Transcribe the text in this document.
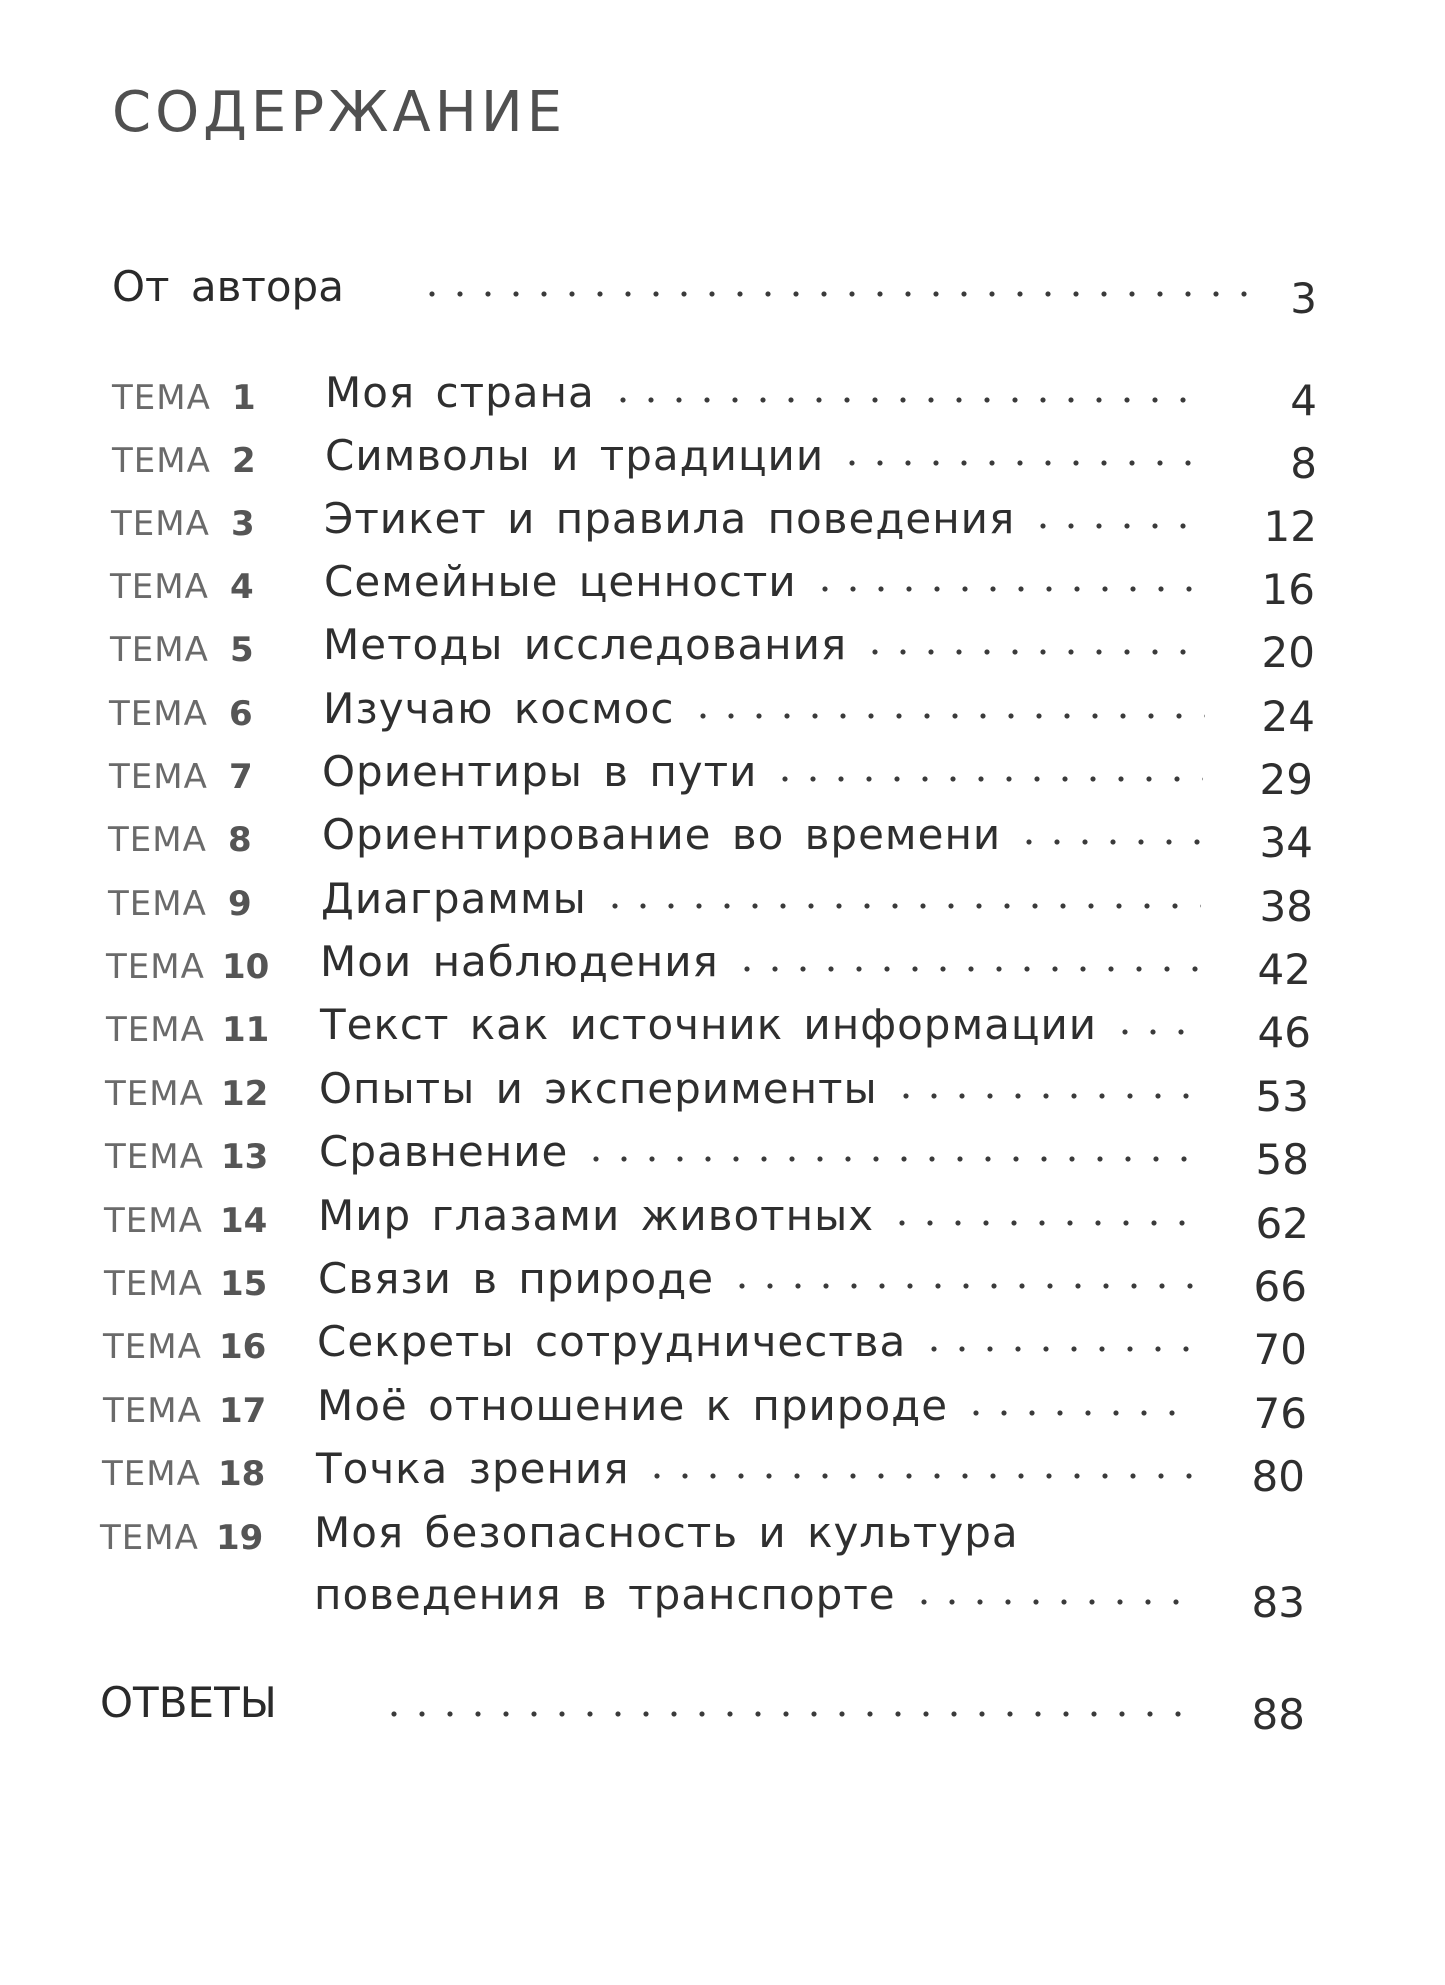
СОДЕРЖАНИЕ
От автора	3
ТЕМА 1 Моя страна	4
ТЕМА 2 Символы и традиции	8
ТЕМА 3 Этикет и правила поведения	12
ТЕМА 4 Семейные ценности	16
ТЕМА 5 Методы исследования	20
ТЕМА 6 Изучаю космос	24
ТЕМА 7 Ориентиры в пути	29
ТЕМА 8 Ориентирование во времени	34
ТЕМА 9 Диаграммы	38
ТЕМА 10 Мои наблюдения	42
ТЕМА 11 Текст как источник информации	46
ТЕМА 12 Опыты и эксперименты	53
ТЕМА 13 Сравнение	58
ТЕМА 14 Мир глазами животных	62
ТЕМА 15 Связи в природе	66
ТЕМА 16 Секреты сотрудничества	70
ТЕМА 17 Моё отношение к природе	76
ТЕМА 18 Точка зрения	80
ТЕМА 19 Моя безопасность и культура
поведения в транспорте	83
ОТВЕТЫ	88
